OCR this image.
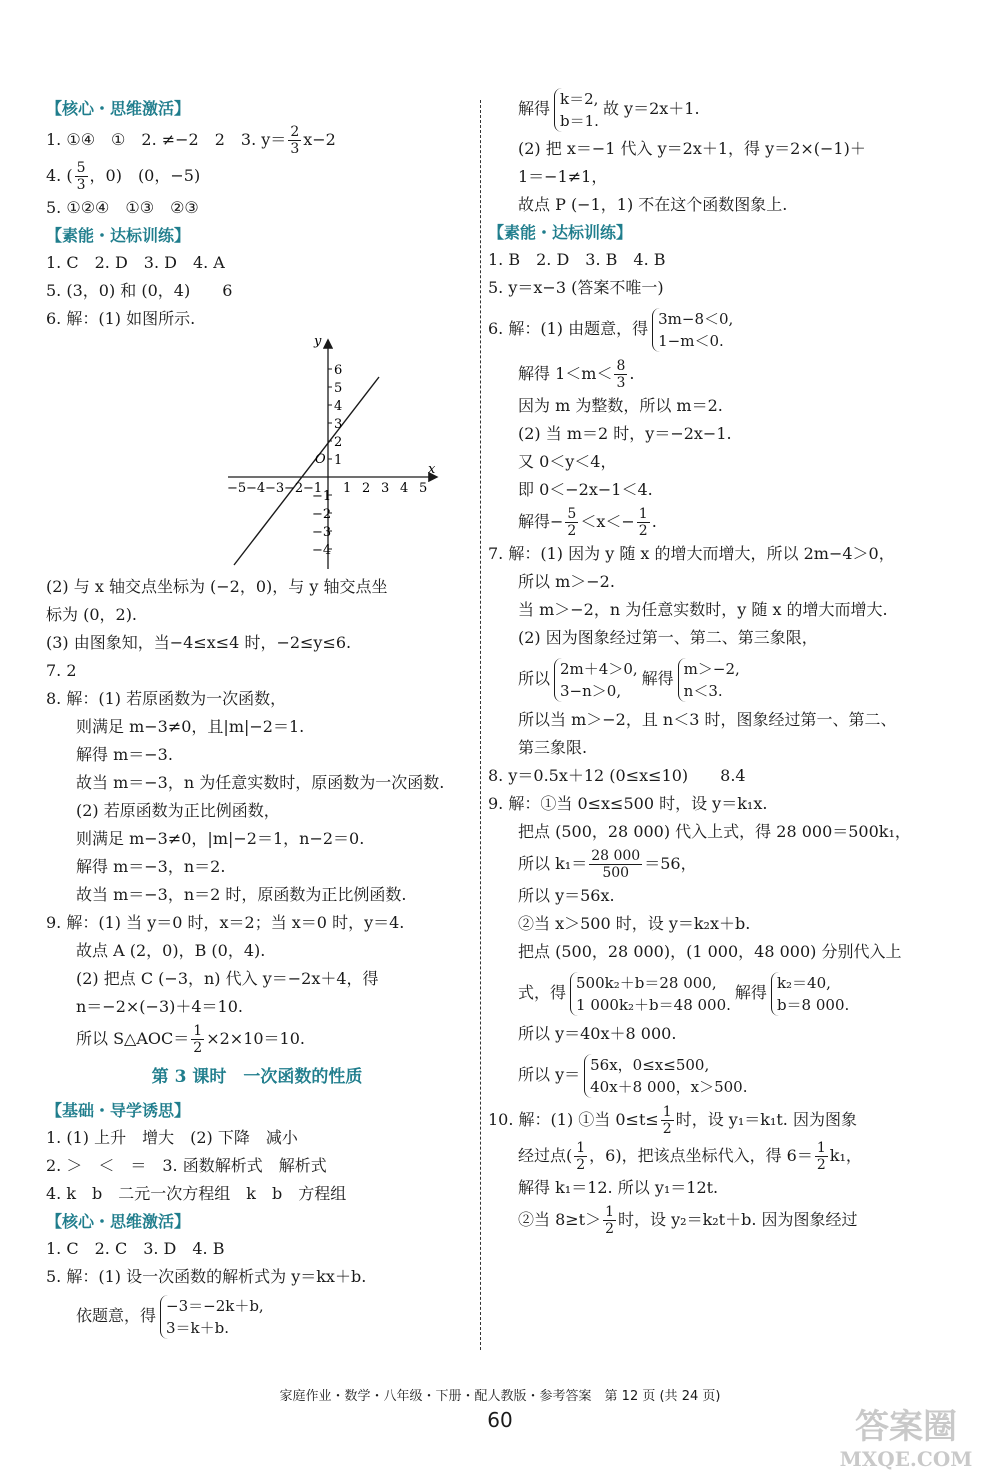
【核心・思维激活】
1. ①④　①　2. ≠−2　2　3. $y= \frac{2}{3} x-2$
4. ( $\frac{5}{3}$ ，0)　(0，−5)
5. ①②④　①③　②③
【素能・达标训练】
1. C　2. D　3. D　4. A
5. (3，0) 和 (0，4)　　6
6. 解：(1) 如图所示.
x
y
O
−5 −4 −3 −2 −1 1 2 3 4 5
6
5
4
3
2
1
−1
−2
−3
−4
(2) 与 x 轴交点坐标为 (−2，0)，与 y 轴交点坐
标为 (0，2).
(3) 由图象知，当−4≤x≤4 时，−2≤y≤6.
7. 2
8. 解：(1) 若原函数为一次函数，
则满足 m−3≠0，且|m|−2＝1.
解得 m＝−3.
故当 m＝−3，n 为任意实数时，原函数为一次函数.
(2) 若原函数为正比例函数，
则满足 m−3≠0，|m|−2＝1，n−2＝0.
解得 m＝−3，n＝2.
故当 m＝−3，n＝2 时，原函数为正比例函数.
9. 解：(1) 当 y＝0 时，x＝2；当 x＝0 时，y＝4.
故点 A (2，0)，B (0，4).
(2) 把点 C (−3，n) 代入 y＝−2x＋4，得
n＝−2×(−3)＋4＝10.
所以 S△AOC＝ $\frac{1}{2} \times 2\times 10=10$.
第 3 课时　一次函数的性质
【基础・导学诱思】
1. (1) 上升　增大　(2) 下降　减小
2. ＞　＜　＝　3. 函数解析式　解析式
4. k　b　二元一次方程组　k　b　方程组
【核心・思维激活】
1. C　2. C　3. D　4. B
5. 解：(1) 设一次函数的解析式为 y＝kx＋b.
依题意，得
−3＝−2k＋b,
3＝k＋b.
解得
k＝2,
b＝1.
故 y＝2x＋1.
(2) 把 x＝−1 代入 y＝2x＋1，得 y＝2×(−1)＋
1＝−1≠1，
故点 P (−1，1) 不在这个函数图象上.
【素能・达标训练】
1. B　2. D　3. B　4. B
5. y＝x−3 (答案不唯一)
6. 解：(1) 由题意，得
3m−8＜0,
1−m＜0.
解得 $1<m< \frac{8}{3}$ .
因为 m 为整数，所以 m＝2.
(2) 当 m＝2 时，y＝−2x−1.
又 0＜y＜4，
即 0＜−2x−1＜4.
解得− $\frac{5}{2} <x<- \frac{1}{2}$ .
7. 解：(1) 因为 y 随 x 的增大而增大，所以 2m−4＞0，
所以 m＞−2.
当 m＞−2，n 为任意实数时，y 随 x 的增大而增大.
(2) 因为图象经过第一、第二、第三象限，
所以
2m＋4＞0,
3−n＞0,
解得
m＞−2,
n＜3.
所以当 m＞−2，且 n＜3 时，图象经过第一、第二、
第三象限.
8. y＝0.5x＋12 (0≤x≤10)　　8.4
9. 解：①当 0≤x≤500 时，设 y＝k₁x.
把点 (500，28 000) 代入上式，得 28 000＝500k₁，
所以 $k_1= \frac{28 000}{500} =56$，
所以 y＝56x.
②当 x＞500 时，设 y＝k₂x＋b.
把点 (500，28 000)，(1 000，48 000) 分别代入上
式，得
500k₂＋b＝28 000,
1 000k₂＋b＝48 000.
解得
k₂＝40,
b＝8 000.
所以 y＝40x＋8 000.
所以 y＝
56x，0≤x≤500,
40x＋8 000，x＞500.
10. 解：(1) ①当 $0\le t\le \frac{1}{2}$ 时，设 y₁＝k₁t. 因为图象
经过点( $\frac{1}{2}$ ，6)，把该点坐标代入，得 $6= \frac{1}{2} k_1$，
解得 k₁＝12. 所以 y₁＝12t.
②当 $8\ge t> \frac{1}{2}$ 时，设 y₂＝k₂t＋b. 因为图象经过
家庭作业・数学・八年级・下册・配人教版・参考答案　第 12 页 (共 24 页)
60	答案圈
MXQE.COM
